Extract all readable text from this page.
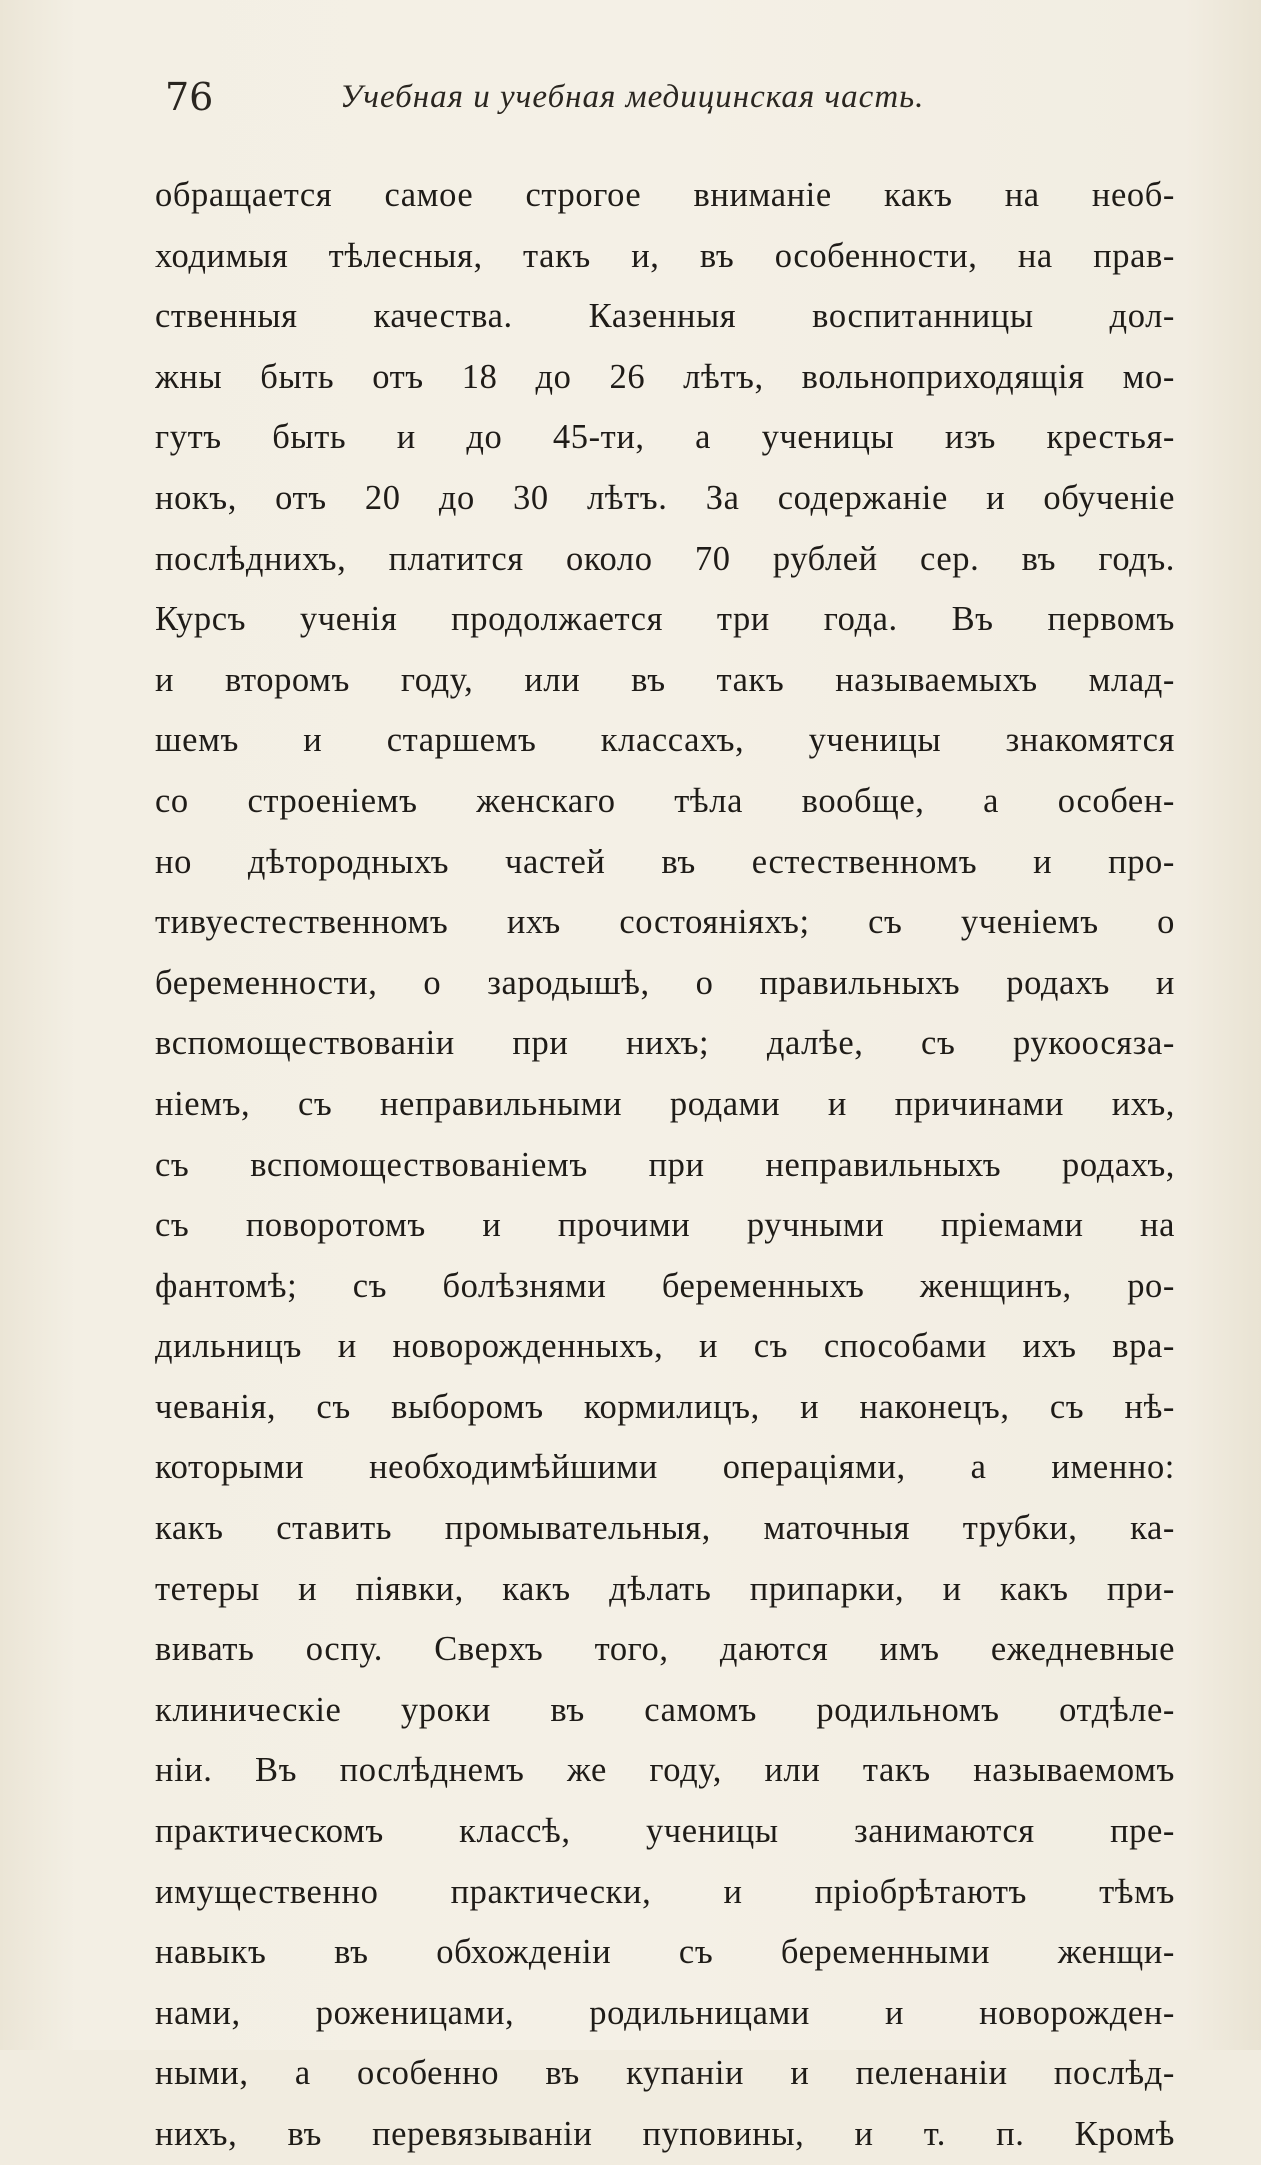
76	Учебная и учебная медицинская часть.
обращается самое строгое вниманіе какъ на необ-
ходимыя тѣлесныя, такъ и, въ особенности, на прав-
ственныя качества. Казенныя воспитанницы дол-
жны быть отъ 18 до 26 лѣтъ, вольноприходящія мо-
гутъ быть и до 45-ти, а ученицы изъ крестья-
нокъ, отъ 20 до 30 лѣтъ. За содержаніе и обученіе
послѣднихъ, платится около 70 рублей сер. въ годъ.
Курсъ ученія продолжается три года. Въ первомъ
и второмъ году, или въ такъ называемыхъ млад-
шемъ и старшемъ классахъ, ученицы знакомятся
со строеніемъ женскаго тѣла вообще, а особен-
но дѣтородныхъ частей въ естественномъ и про-
тивуестественномъ ихъ состояніяхъ; съ ученіемъ о
беременности, о зародышѣ, о правильныхъ родахъ и
вспомоществованіи при нихъ; далѣе, съ рукоосяза-
ніемъ, съ неправильными родами и причинами ихъ,
съ вспомоществованіемъ при неправильныхъ родахъ,
съ поворотомъ и прочими ручными пріемами на
фантомѣ; съ болѣзнями беременныхъ женщинъ, ро-
дильницъ и новорожденныхъ, и съ способами ихъ вра-
чеванія, съ выборомъ кормилицъ, и наконецъ, съ нѣ-
которыми необходимѣйшими операціями, а именно:
какъ ставить промывательныя, маточныя трубки, ка-
тетеры и піявки, какъ дѣлать припарки, и какъ при-
вивать оспу. Сверхъ того, даются имъ ежедневные
клиническіе уроки въ самомъ родильномъ отдѣле-
ніи. Въ послѣднемъ же году, или такъ называемомъ
практическомъ классѣ, ученицы занимаются пре-
имущественно практически, и пріобрѣтаютъ тѣмъ
навыкъ въ обхожденіи съ беременными женщи-
нами, роженицами, родильницами и новорожден-
ными, а особенно въ купаніи и пеленаніи послѣд-
нихъ, въ перевязываніи пуповины, и т. п. Кромѣ
